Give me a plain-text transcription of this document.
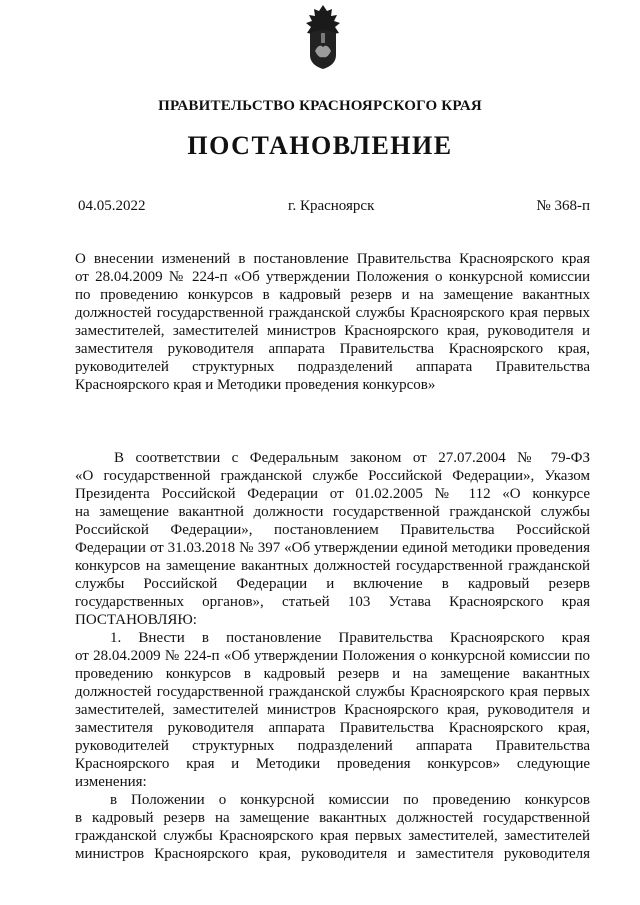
ПРАВИТЕЛЬСТВО КРАСНОЯРСКОГО КРАЯ
ПОСТАНОВЛЕНИЕ
04.05.2022	г. Красноярск	№ 368-п
О внесении изменений в постановление Правительства Красноярского края
от 28.04.2009 № 224-п «Об утверждении Положения о конкурсной комиссии
по проведению конкурсов в кадровый резерв и на замещение вакантных
должностей государственной гражданской службы Красноярского края первых
заместителей, заместителей министров Красноярского края, руководителя и
заместителя руководителя аппарата Правительства Красноярского края,
руководителей структурных подразделений аппарата Правительства
Красноярского края и Методики проведения конкурсов»
В соответствии с Федеральным законом от 27.07.2004 № 79-ФЗ
«О государственной гражданской службе Российской Федерации», Указом
Президента Российской Федерации от 01.02.2005 № 112 «О конкурсе
на замещение вакантной должности государственной гражданской службы
Российской Федерации», постановлением Правительства Российской
Федерации от 31.03.2018 № 397 «Об утверждении единой методики проведения
конкурсов на замещение вакантных должностей государственной гражданской
службы Российской Федерации и включение в кадровый резерв
государственных органов», статьей 103 Устава Красноярского края
ПОСТАНОВЛЯЮ:
1. Внести в постановление Правительства Красноярского края
от 28.04.2009 № 224-п «Об утверждении Положения о конкурсной комиссии по
проведению конкурсов в кадровый резерв и на замещение вакантных
должностей государственной гражданской службы Красноярского края первых
заместителей, заместителей министров Красноярского края, руководителя и
заместителя руководителя аппарата Правительства Красноярского края,
руководителей структурных подразделений аппарата Правительства
Красноярского края и Методики проведения конкурсов» следующие
изменения:
в Положении о конкурсной комиссии по проведению конкурсов
в кадровый резерв на замещение вакантных должностей государственной
гражданской службы Красноярского края первых заместителей, заместителей
министров Красноярского края, руководителя и заместителя руководителя
